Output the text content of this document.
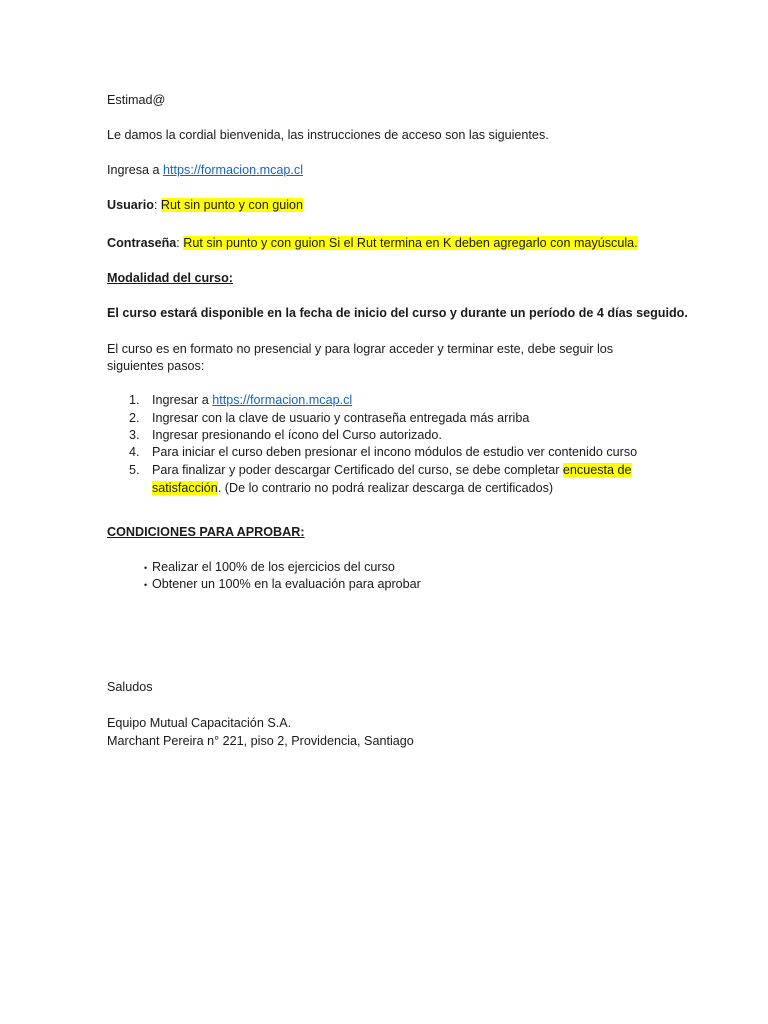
Estimad@
Le damos la cordial bienvenida, las instrucciones de acceso son las siguientes.
Ingresa a https://formacion.mcap.cl
Usuario: Rut sin punto y con guion
Contraseña: Rut sin punto y con guion Si el Rut termina en K deben agregarlo con mayúscula.
Modalidad del curso:
El curso estará disponible en la fecha de inicio del curso y durante un período de 4 días seguido.
El curso es en formato no presencial y para lograr acceder y terminar este, debe seguir los
siguientes pasos:
1. Ingresar a https://formacion.mcap.cl
2. Ingresar con la clave de usuario y contraseña entregada más arriba
3. Ingresar presionando el ícono del Curso autorizado.
4. Para iniciar el curso deben presionar el incono módulos de estudio ver contenido curso
5. Para finalizar y poder descargar Certificado del curso, se debe completar encuesta de
satisfacción. (De lo contrario no podrá realizar descarga de certificados)
CONDICIONES PARA APROBAR:
• Realizar el 100% de los ejercicios del curso
• Obtener un 100% en la evaluación para aprobar
Saludos
Equipo Mutual Capacitación S.A.
Marchant Pereira n° 221, piso 2, Providencia, Santiago
